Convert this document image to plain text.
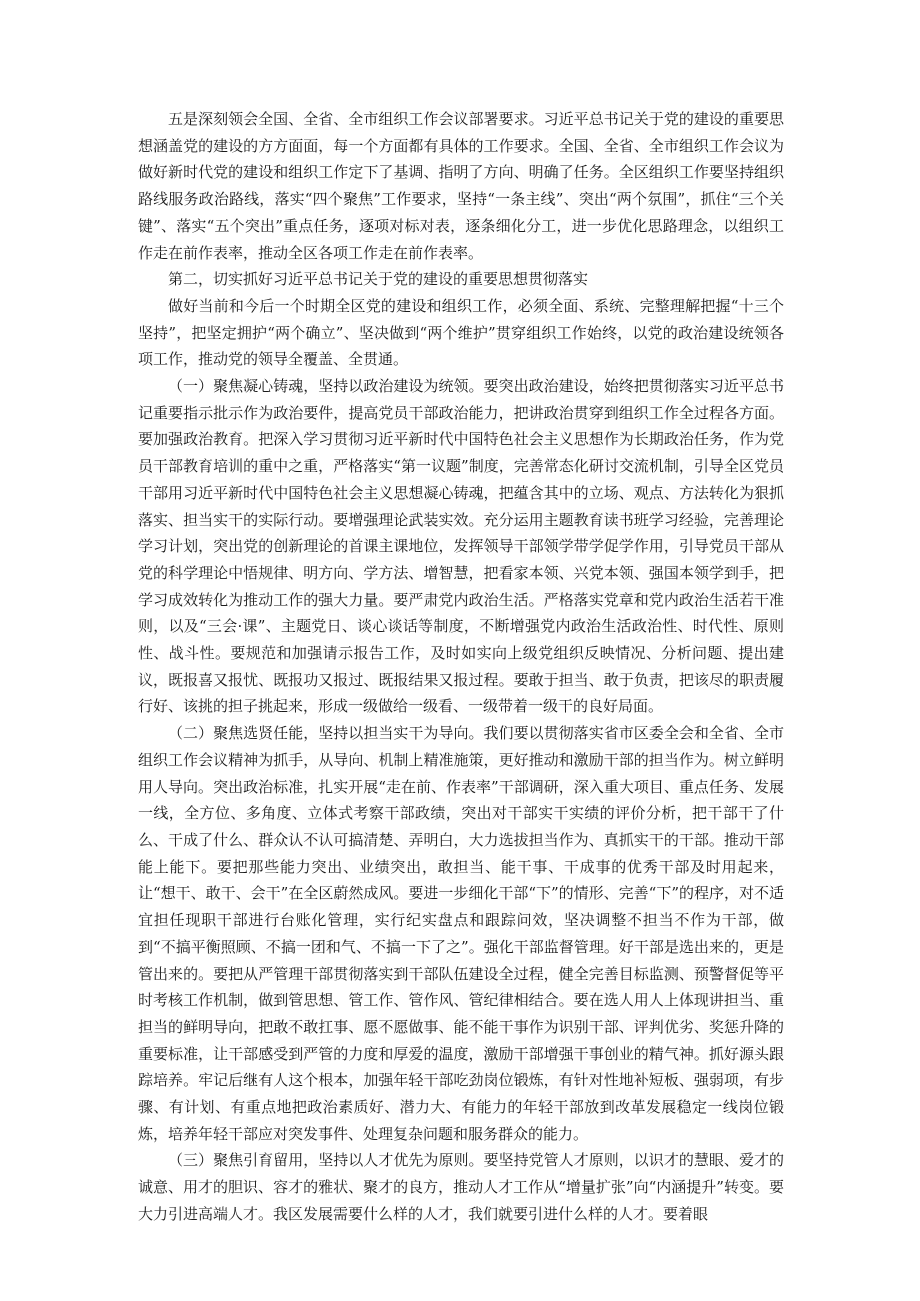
五是深刻领会全国、全省、全市组织工作会议部署要求。习近平总书记关于党的建设的重要思想涵盖党的建设的方方面面，每一个方面都有具体的工作要求。全国、全省、全市组织工作会议为做好新时代党的建设和组织工作定下了基调、指明了方向、明确了任务。全区组织工作要坚持组织路线服务政治路线，落实“四个聚焦”工作要求，坚持“一条主线”、突出“两个氛围”，抓住“三个关键”、落实“五个突出”重点任务，逐项对标对表，逐条细化分工，进一步优化思路理念，以组织工作走在前作表率，推动全区各项工作走在前作表率。

第二，切实抓好习近平总书记关于党的建设的重要思想贯彻落实

做好当前和今后一个时期全区党的建设和组织工作，必须全面、系统、完整理解把握“十三个坚持”，把坚定拥护“两个确立”、坚决做到“两个维护”贯穿组织工作始终，以党的政治建设统领各项工作，推动党的领导全覆盖、全贯通。

（一）聚焦凝心铸魂，坚持以政治建设为统领。要突出政治建设，始终把贯彻落实习近平总书记重要指示批示作为政治要件，提高党员干部政治能力，把讲政治贯穿到组织工作全过程各方面。要加强政治教育。把深入学习贯彻习近平新时代中国特色社会主义思想作为长期政治任务，作为党员干部教育培训的重中之重，严格落实“第一议题”制度，完善常态化研讨交流机制，引导全区党员干部用习近平新时代中国特色社会主义思想凝心铸魂，把蕴含其中的立场、观点、方法转化为狠抓落实、担当实干的实际行动。要增强理论武装实效。充分运用主题教育读书班学习经验，完善理论学习计划，突出党的创新理论的首课主课地位，发挥领导干部领学带学促学作用，引导党员干部从党的科学理论中悟规律、明方向、学方法、增智慧，把看家本领、兴党本领、强国本领学到手，把学习成效转化为推动工作的强大力量。要严肃党内政治生活。严格落实党章和党内政治生活若干准则，以及“三会·课”、主题党日、谈心谈话等制度，不断增强党内政治生活政治性、时代性、原则性、战斗性。要规范和加强请示报告工作，及时如实向上级党组织反映情况、分析问题、提出建议，既报喜又报忧、既报功又报过、既报结果又报过程。要敢于担当、敢于负责，把该尽的职责履行好、该挑的担子挑起来，形成一级做给一级看、一级带着一级干的良好局面。

（二）聚焦选贤任能，坚持以担当实干为导向。我们要以贯彻落实省市区委全会和全省、全市组织工作会议精神为抓手，从导向、机制上精准施策，更好推动和激励干部的担当作为。树立鲜明用人导向。突出政治标准，扎实开展“走在前、作表率”干部调研，深入重大项目、重点任务、发展一线，全方位、多角度、立体式考察干部政绩，突出对干部实干实绩的评价分析，把干部干了什么、干成了什么、群众认不认可搞清楚、弄明白，大力选拔担当作为、真抓实干的干部。推动干部能上能下。要把那些能力突出、业绩突出，敢担当、能干事、干成事的优秀干部及时用起来，让“想干、敢干、会干”在全区蔚然成风。要进一步细化干部“下”的情形、完善“下”的程序，对不适宜担任现职干部进行台账化管理，实行纪实盘点和跟踪问效，坚决调整不担当不作为干部，做到“不搞平衡照顾、不搞一团和气、不搞一下了之”。强化干部监督管理。好干部是选出来的，更是管出来的。要把从严管理干部贯彻落实到干部队伍建设全过程，健全完善目标监测、预警督促等平时考核工作机制，做到管思想、管工作、管作风、管纪律相结合。要在选人用人上体现讲担当、重担当的鲜明导向，把敢不敢扛事、愿不愿做事、能不能干事作为识别干部、评判优劣、奖惩升降的重要标准，让干部感受到严管的力度和厚爱的温度，激励干部增强干事创业的精气神。抓好源头跟踪培养。牢记后继有人这个根本，加强年轻干部吃劲岗位锻炼，有针对性地补短板、强弱项，有步骤、有计划、有重点地把政治素质好、潜力大、有能力的年轻干部放到改革发展稳定一线岗位锻炼，培养年轻干部应对突发事件、处理复杂问题和服务群众的能力。

（三）聚焦引育留用，坚持以人才优先为原则。要坚持党管人才原则，以识才的慧眼、爱才的诚意、用才的胆识、容才的雅状、聚才的良方，推动人才工作从“增量扩张”向“内涵提升”转变。要大力引进高端人才。我区发展需要什么样的人才，我们就要引进什么样的人才。要着眼
